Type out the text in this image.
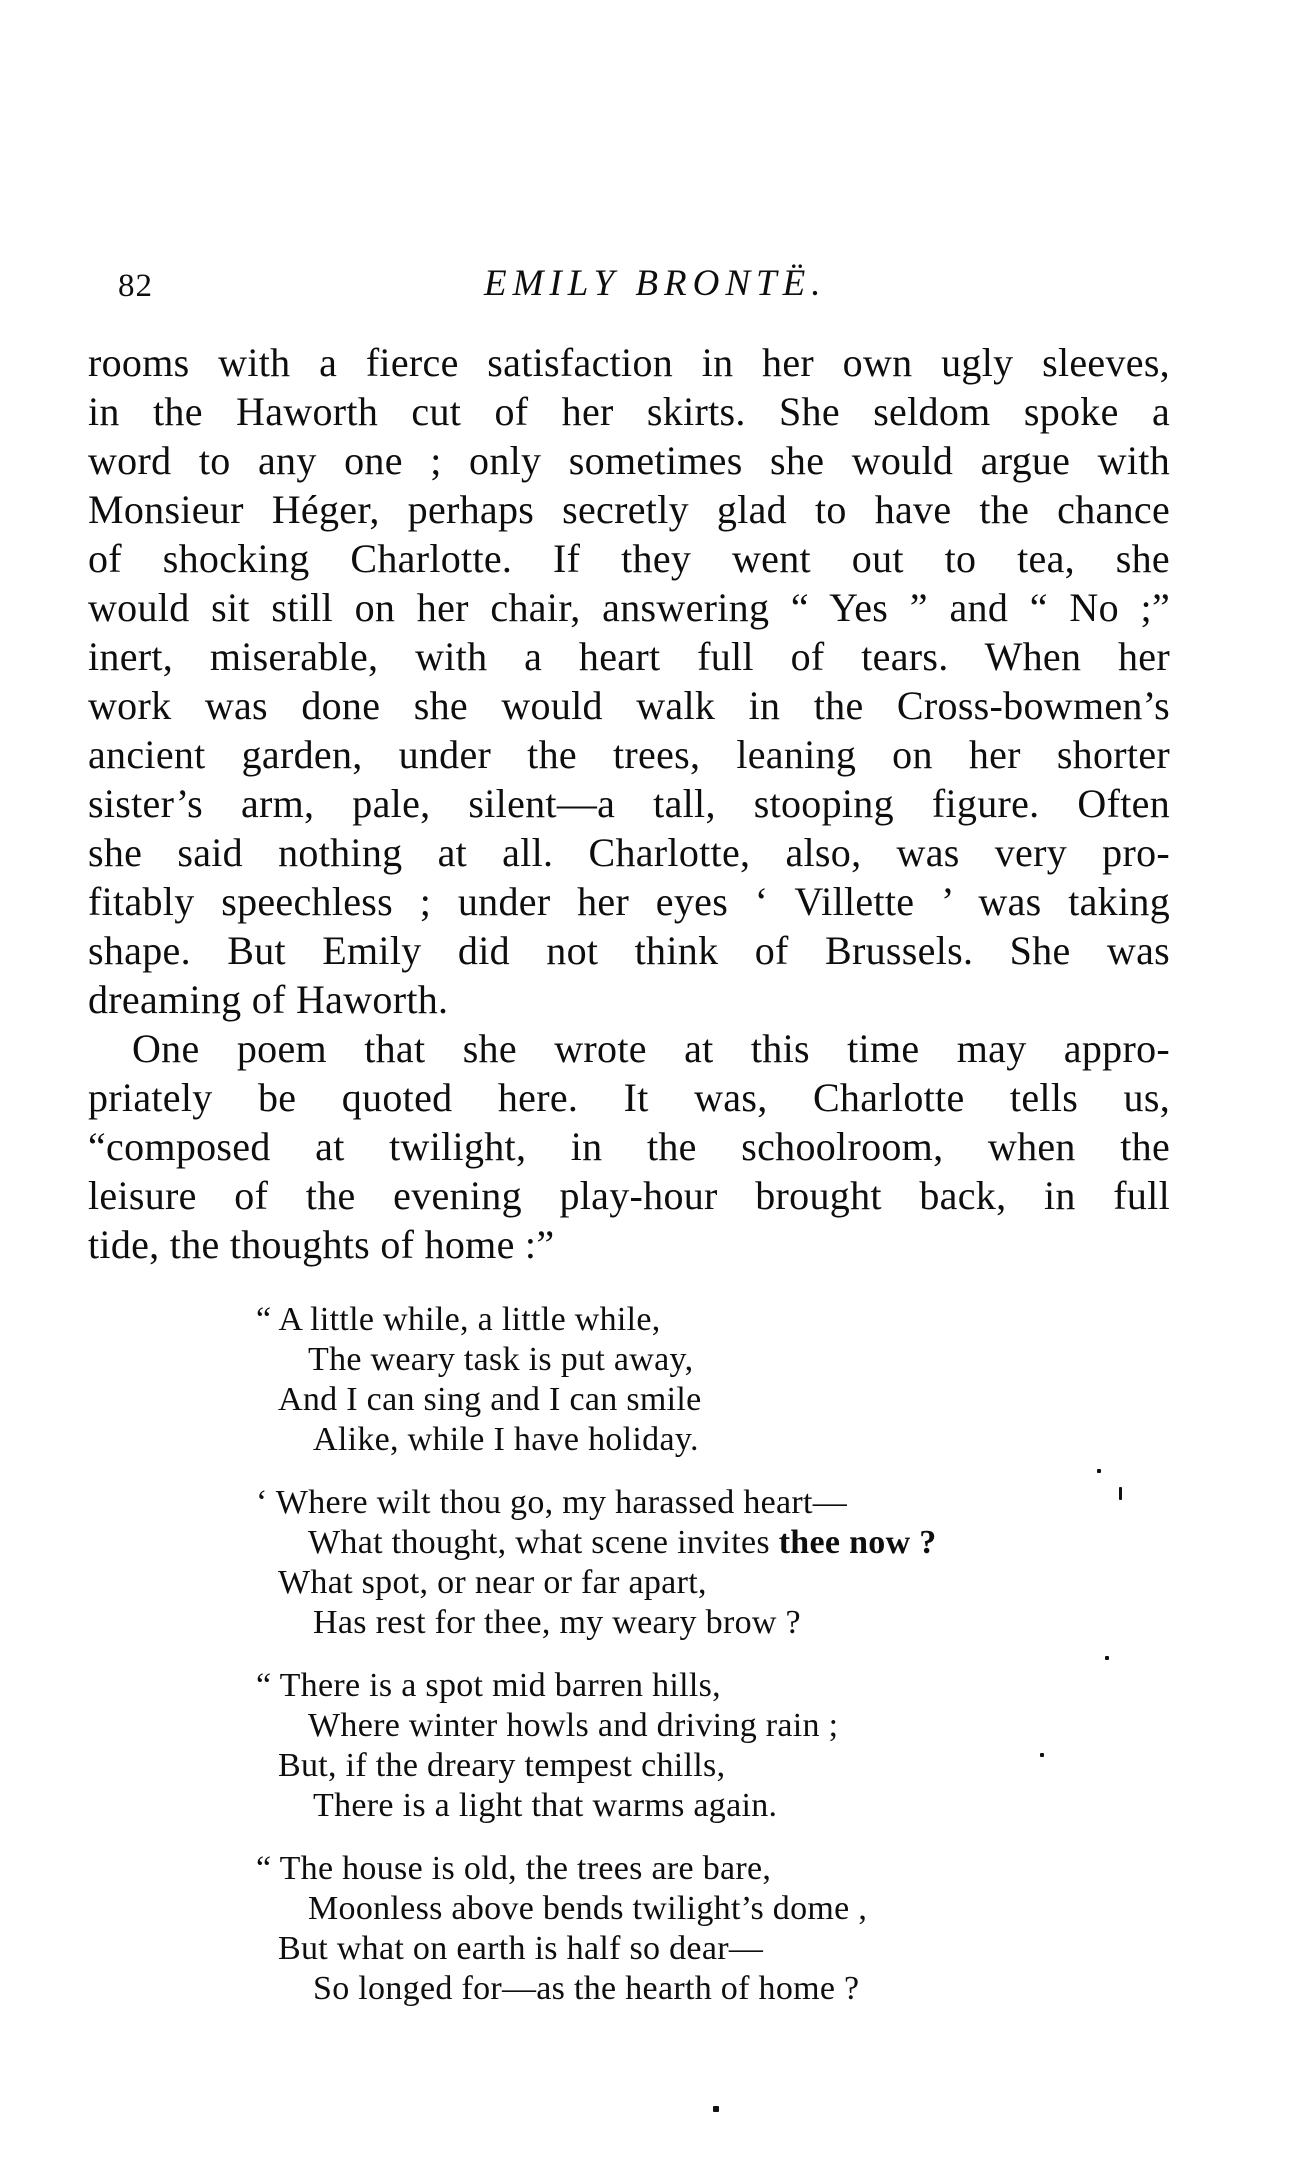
82	EMILY BRONTË.
rooms with a fierce satisfaction in her own ugly sleeves,
in the Haworth cut of her skirts. She seldom spoke a
word to any one ; only sometimes she would argue with
Monsieur Héger, perhaps secretly glad to have the chance
of shocking Charlotte. If they went out to tea, she
would sit still on her chair, answering “ Yes ” and “ No ;”
inert, miserable, with a heart full of tears. When her
work was done she would walk in the Cross-bowmen’s
ancient garden, under the trees, leaning on her shorter
sister’s arm, pale, silent—a tall, stooping figure. Often
she said nothing at all. Charlotte, also, was very pro-
fitably speechless ; under her eyes ‘ Villette ’ was taking
shape. But Emily did not think of Brussels. She was
dreaming of Haworth.
One poem that she wrote at this time may appro-
priately be quoted here. It was, Charlotte tells us,
“composed at twilight, in the schoolroom, when the
leisure of the evening play-hour brought back, in full
tide, the thoughts of home :”
“ A little while, a little while,
The weary task is put away,
And I can sing and I can smile
Alike, while I have holiday.
‘ Where wilt thou go, my harassed heart—
What thought, what scene invites thee now ?
What spot, or near or far apart,
Has rest for thee, my weary brow ?
“ There is a spot mid barren hills,
Where winter howls and driving rain ;
But, if the dreary tempest chills,
There is a light that warms again.
“ The house is old, the trees are bare,
Moonless above bends twilight’s dome ,
But what on earth is half so dear—
So longed for—as the hearth of home ?
